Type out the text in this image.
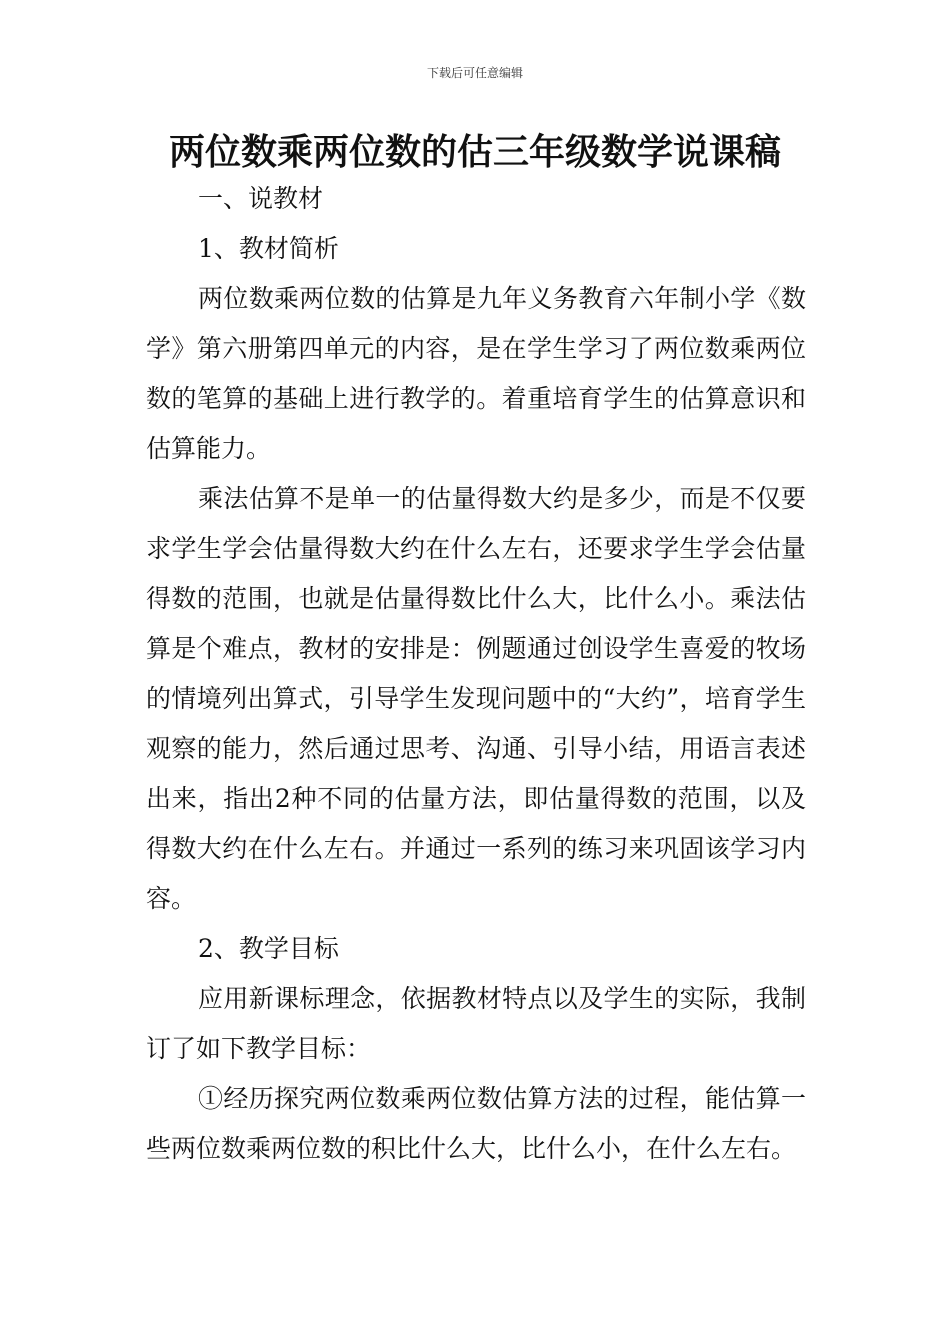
下载后可任意编辑
两位数乘两位数的估三年级数学说课稿

一、说教材

1、教材简析

两位数乘两位数的估算是九年义务教育六年制小学《数学》第六册第四单元的内容，是在学生学习了两位数乘两位数的笔算的基础上进行教学的。着重培育学生的估算意识和估算能力。

乘法估算不是单一的估量得数大约是多少，而是不仅要求学生学会估量得数大约在什么左右，还要求学生学会估量得数的范围，也就是估量得数比什么大，比什么小。乘法估算是个难点，教材的安排是：例题通过创设学生喜爱的牧场的情境列出算式，引导学生发现问题中的“大约”，培育学生观察的能力，然后通过思考、沟通、引导小结，用语言表述出来，指出2种不同的估量方法，即估量得数的范围，以及得数大约在什么左右。并通过一系列的练习来巩固该学习内容。

2、教学目标

应用新课标理念，依据教材特点以及学生的实际，我制订了如下教学目标：

①经历探究两位数乘两位数估算方法的过程，能估算一些两位数乘两位数的积比什么大，比什么小，在什么左右。
